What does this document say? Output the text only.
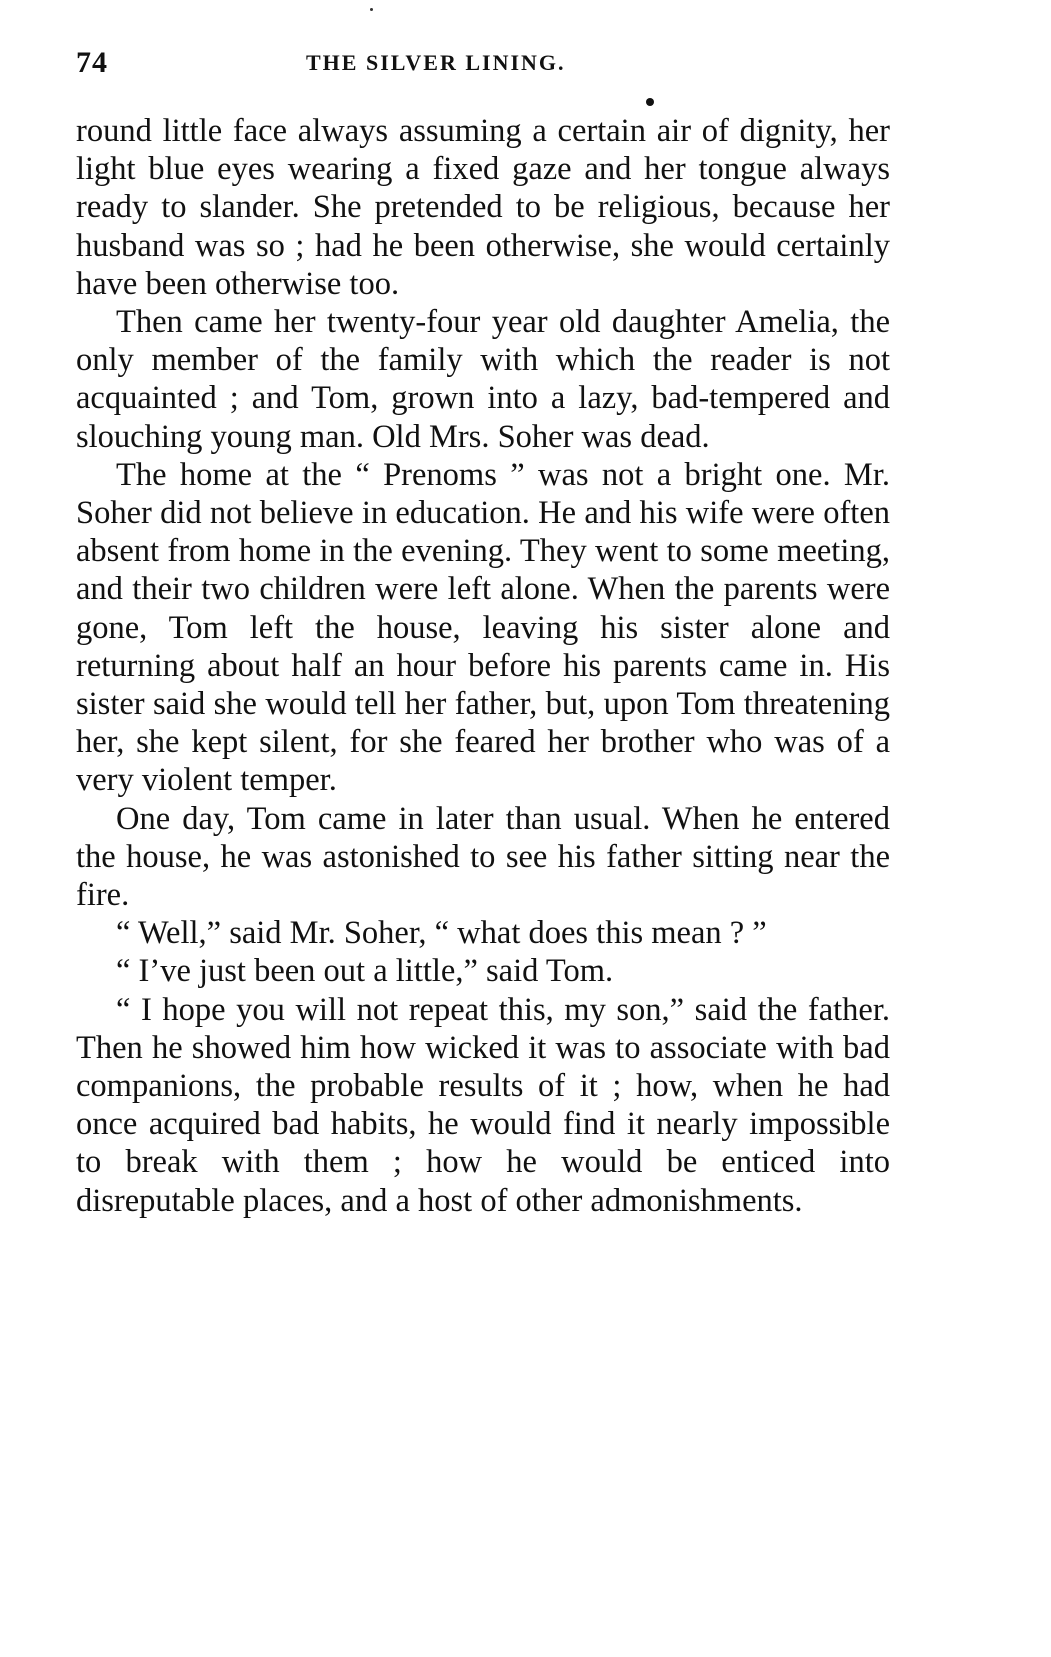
74	THE SILVER LINING.

round little face always assuming a certain air of dignity, her light blue eyes wearing a fixed gaze and her tongue always ready to slander. She pretended to be religious, because her husband was so ; had he been otherwise, she would certainly have been otherwise too.

Then came her twenty-four year old daughter Amelia, the only member of the family with which the reader is not acquainted ; and Tom, grown into a lazy, bad-tempered and slouching young man. Old Mrs. Soher was dead.

The home at the “ Prenoms ” was not a bright one. Mr. Soher did not believe in education. He and his wife were often absent from home in the evening. They went to some meeting, and their two children were left alone. When the parents were gone, Tom left the house, leaving his sister alone and returning about half an hour before his parents came in. His sister said she would tell her father, but, upon Tom threatening her, she kept silent, for she feared her brother who was of a very violent temper.

One day, Tom came in later than usual. When he entered the house, he was astonished to see his father sitting near the fire.

“ Well,” said Mr. Soher, “ what does this mean ? ”

“ I’ve just been out a little,” said Tom.

“ I hope you will not repeat this, my son,” said the father. Then he showed him how wicked it was to associate with bad companions, the probable results of it ; how, when he had once acquired bad habits, he would find it nearly impossible to break with them ; how he would be enticed into disreputable places, and a host of other admonishments.
